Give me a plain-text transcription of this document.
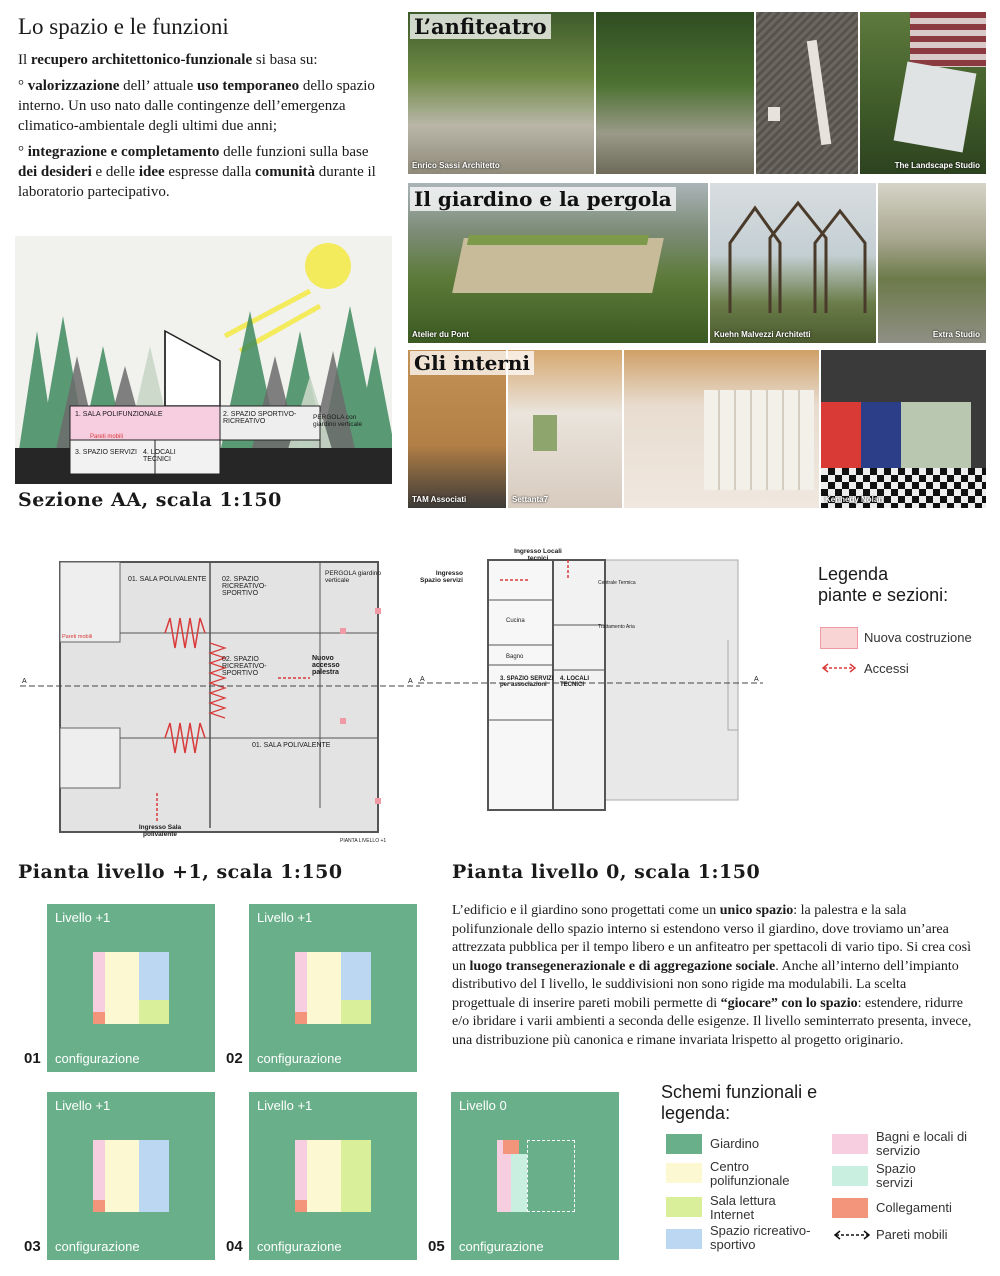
Lo spazio e le funzioni

Il recupero architettonico-funzionale si basa su:

° valorizzazione dell’ attuale uso temporaneo dello spazio interno. Un uso nato dalle contingenze dell’emergenza climatico-ambientale degli ultimi due anni;

° integrazione e completamento delle funzioni sulla base dei desideri e delle idee espresse dalla comunità durante il laboratorio partecipativo.

1. SALA POLIFUNZIONALE	2. SPAZIO SPORTIVO-RICREATIVO
3. SPAZIO SERVIZI 4. LOCALI TECNICI
PERGOLA con giardino verticale
Pareti mobili
Sezione AA, scala 1:150
Enrico Sassi Architetto	The Landscape Studio
L’anfiteatro
Atelier du Pont	Kuehn Malvezzi Architetti	Extra Studio
Il giardino e la pergola
TAM Associati	Settanta7	Kennedy Nolan
Gli interni
01. SALA POLIVALENTE 02. SPAZIO RICREATIVO-SPORTIVO
02. SPAZIO RICREATIVO-SPORTIVO
01. SALA POLIVALENTE
PERGOLA giardino verticale
Nuovo accesso palestra
Ingresso Sala polivalente
Pareti mobili
PIANTA LIVELLO +1
A	A
Pianta livello +1, scala 1:150
Ingresso Locali tecnici
Ingresso Spazio servizi
3. SPAZIO SERVIZI per associazioni
4. LOCALI TECNICI
Cucina
Bagno
Centrale Termica
Trattamento Aria
A	A
Pianta livello 0, scala 1:150
Legenda
piante e sezioni:
Nuova costruzione
Accessi
Livello +1
configurazione
01
Livello +1
configurazione
02
Livello +1
configurazione
03
Livello +1
configurazione
04
Livello 0
configurazione
05
L’edificio e il giardino sono progettati come un unico spazio: la palestra e la sala polifunzionale dello spazio interno si estendono verso il giardino, dove troviamo un’area attrezzata pubblica per il tempo libero e un anfiteatro per spettacoli di vario tipo. Si crea così un luogo transegenerazionale e di aggregazione sociale. Anche all’interno dell’impianto distributivo del I livello, le suddivisioni non sono rigide ma modulabili. La scelta progettuale di inserire pareti mobili permette di “giocare” con lo spazio: estendere, ridurre e/o ibridare i varii ambienti a seconda delle esigenze. Il livello seminterrato presenta, invece, una distribuzione più canonica e rimane invariata lrispetto al progetto originario.
Schemi funzionali e
legenda:
Giardino
Centro polifunzionale
Sala lettura Internet
Spazio ricreativo-sportivo
Bagni e locali di servizio
Spazio servizi
Collegamenti
Pareti mobili
